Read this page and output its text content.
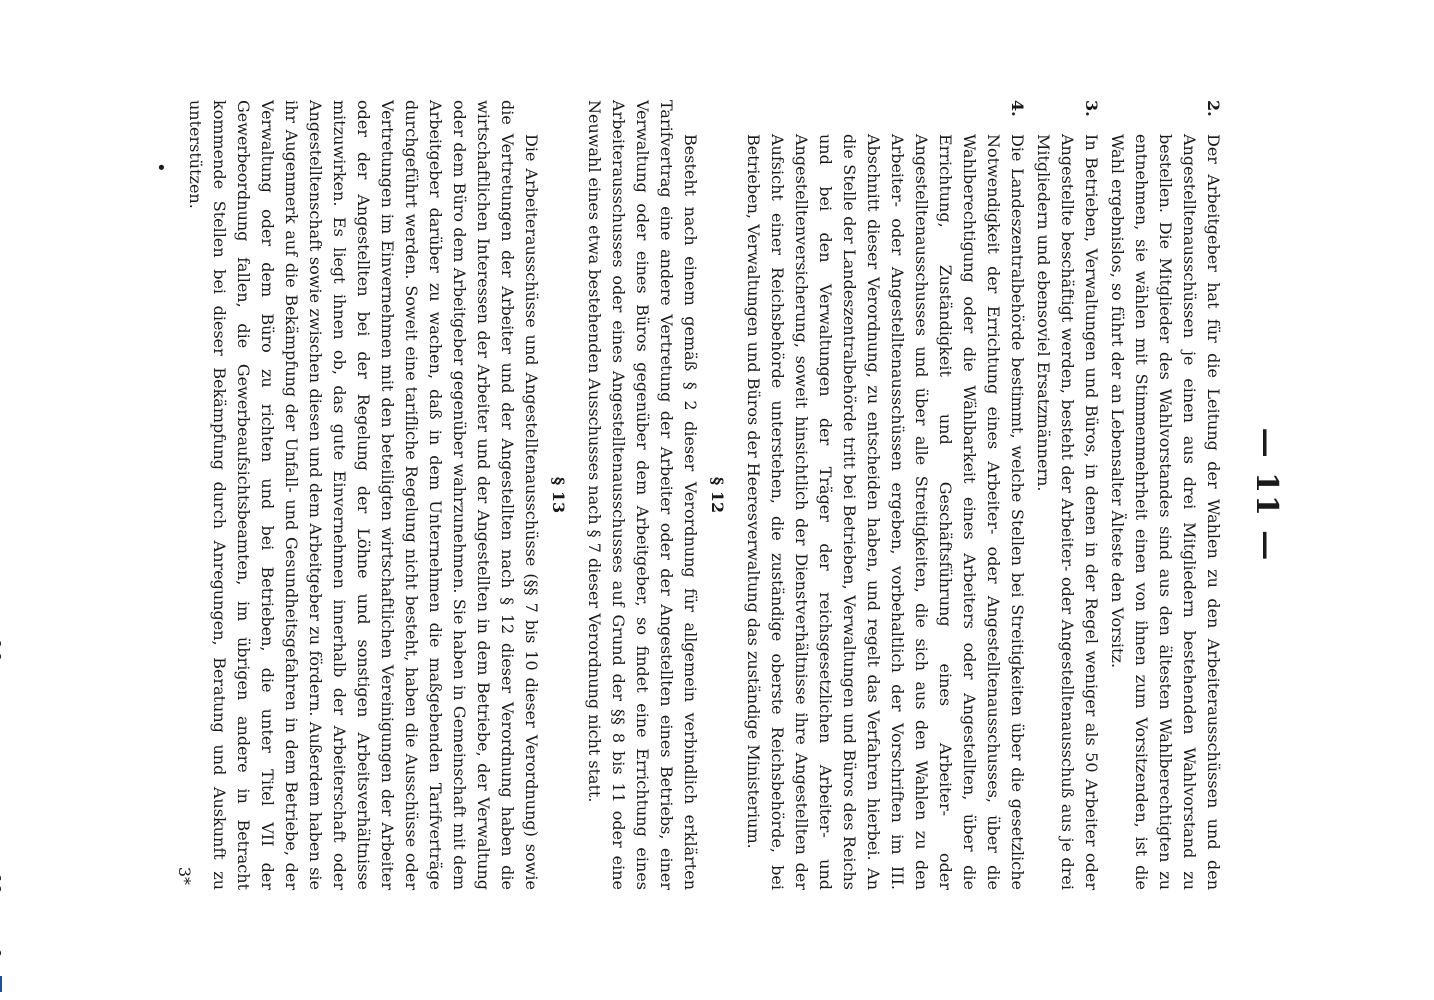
— 11 —
2.
Der Arbeitgeber hat für die Leitung der Wahlen zu den Arbeiterausschüssen und den Angestelltenausschüssen je einen aus drei Mitgliedern bestehenden Wahlvorstand zu bestellen. Die Mitglieder des Wahlvorstandes sind aus den ältesten Wahlberechtigten zu entnehmen, sie wählen mit Stimmenmehrheit einen von ihnen zum Vorsitzenden, ist die Wahl ergebnislos, so führt der an Lebensalter Älteste den Vorsitz.
3.
In Betrieben, Verwaltungen und Büros, in denen in der Regel weniger als 50 Arbeiter oder Angestellte beschäftigt werden, besteht der Arbeiter- oder Angestelltenausschuß aus je drei Mitgliedern und ebensoviel Ersatzmännern.
4.
Die Landeszentralbehörde bestimmt, welche Stellen bei Streitigkeiten über die gesetzliche Notwendigkeit der Errichtung eines Arbeiter- oder Angestelltenausschusses, über die Wahlberechtigung oder die Wählbarkeit eines Arbeiters oder Angestellten, über die Errichtung, Zuständigkeit und Geschäftsführung eines Arbeiter- oder Angestelltenausschusses und über alle Streitigkeiten, die sich aus den Wahlen zu den Arbeiter- oder Angestelltenausschüssen ergeben, vorbehaltlich der Vorschriften im III. Abschnitt dieser Verordnung, zu entscheiden haben, und regelt das Verfahren hierbei. An die Stelle der Landeszentralbehörde tritt bei Betrieben, Verwaltungen und Büros des Reichs und bei den Verwaltungen der Träger der reichsgesetzlichen Arbeiter- und Angestelltenversicherung, soweit hinsichtlich der Dienstverhältnisse ihre Angestellten der Aufsicht einer Reichsbehörde unterstehen, die zuständige oberste Reichsbehörde, bei Betrieben, Verwaltungen und Büros der Heeresverwaltung das zuständige Ministerium.
§ 12

Besteht nach einem gemäß § 2 dieser Verordnung für allgemein verbindlich erklärten Tarifvertrag eine andere Vertretung der Arbeiter oder der Angestellten eines Betriebs, einer Verwaltung oder eines Büros gegenüber dem Arbeitgeber, so findet eine Errichtung eines Arbeiterausschusses oder eines Angestelltenausschusses auf Grund der §§ 8 bis 11 oder eine Neuwahl eines etwa bestehenden Ausschusses nach § 7 dieser Verordnung nicht statt.

§ 13

Die Arbeiterausschüsse und Angestelltenausschüsse (§§ 7 bis 10 dieser Verordnung) sowie die Vertretungen der Arbeiter und der Angestellten nach § 12 dieser Verordnung haben die wirtschaftlichen Interessen der Arbeiter und der Angestellten in dem Betriebe, der Verwaltung oder dem Büro dem Arbeitgeber gegenüber wahrzunehmen. Sie haben in Gemeinschaft mit dem Arbeitgeber darüber zu wachen, daß in dem Unternehmen die maßgebenden Tarifverträge durchgeführt werden. Soweit eine tarifliche Regelung nicht besteht, haben die Ausschüsse oder Vertretungen im Einvernehmen mit den beteiligten wirtschaftlichen Vereinigungen der Arbeiter oder der Angestellten bei der Regelung der Löhne und sonstigen Arbeitsverhältnisse mitzuwirken. Es liegt ihnen ob, das gute Einvernehmen innerhalb der Arbeiterschaft oder Angestelltenschaft sowie zwischen diesen und dem Arbeitgeber zu fördern. Außerdem haben sie ihr Augenmerk auf die Bekämpfung der Unfall- und Gesundheitsgefahren in dem Betriebe, der Verwaltung oder dem Büro zu richten und bei Betrieben, die unter Titel VII der Gewerbeordnung fallen, die Gewerbeaufsichtsbeamten, im übrigen andere in Betracht kommende Stellen bei dieser Bekämpfung durch Anregungen, Beratung und Auskunft zu unterstützen.

•
3*
